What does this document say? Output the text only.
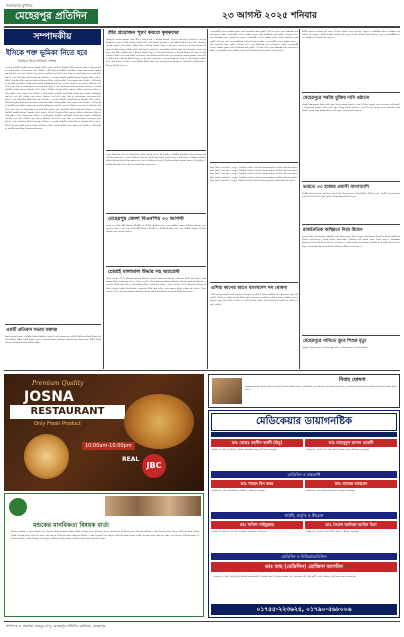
জনগণের মুখপত্র
মেহেরপুর প্রতিদিন	২৩ আগস্ট ২০২৫ শনিবার
সম্পাদকীয়
ইসিকে শক্ত ভূমিকা নিতে হবে
নির্বাচন নিয়ে সাধারণ সংশয়
এদেশের নির্বাচনী ব্যবস্থায় অনেক পরিবর্তন আনা হয়েছে। সাধারণ মানুষের আস্থা ফেরাতে নির্বাচন কমিশনকে আরও কঠোর ভূমিকা পালন করতে হবে। প্রশাসন ও আইনশৃঙ্খলা বাহিনীর নিরপেক্ষতা নিশ্চিত করা জরুরি। ভোটারদের নিরাপত্তা এবং স্বচ্ছ প্রক্রিয়া ছাড়া কোনো নির্বাচনই গ্রহণযোগ্য হতে পারে না। রাজনৈতিক দলগুলোর মধ্যে সংলাপ এবং পারস্পরিক আস্থা তৈরি করা প্রয়োজন। এদেশের নির্বাচনী ব্যবস্থায় অনেক পরিবর্তন আনা হয়েছে। সাধারণ মানুষের আস্থা ফেরাতে নির্বাচন কমিশনকে আরও কঠোর ভূমিকা পালন করতে হবে। প্রশাসন ও আইনশৃঙ্খলা বাহিনীর নিরপেক্ষতা নিশ্চিত করা জরুরি। ভোটারদের নিরাপত্তা এবং স্বচ্ছ প্রক্রিয়া ছাড়া কোনো নির্বাচনই গ্রহণযোগ্য হতে পারে না। রাজনৈতিক দলগুলোর মধ্যে সংলাপ এবং পারস্পরিক আস্থা তৈরি করা প্রয়োজন। এদেশের নির্বাচনী ব্যবস্থায় অনেক পরিবর্তন আনা হয়েছে। সাধারণ মানুষের আস্থা ফেরাতে নির্বাচন কমিশনকে আরও কঠোর ভূমিকা পালন করতে হবে। প্রশাসন ও আইনশৃঙ্খলা বাহিনীর নিরপেক্ষতা নিশ্চিত করা জরুরি। ভোটারদের নিরাপত্তা এবং স্বচ্ছ প্রক্রিয়া ছাড়া কোনো নির্বাচনই গ্রহণযোগ্য হতে পারে না। রাজনৈতিক দলগুলোর মধ্যে সংলাপ এবং পারস্পরিক আস্থা তৈরি করা প্রয়োজন। এদেশের নির্বাচনী ব্যবস্থায় অনেক পরিবর্তন আনা হয়েছে। সাধারণ মানুষের আস্থা ফেরাতে নির্বাচন কমিশনকে আরও কঠোর ভূমিকা পালন করতে হবে। প্রশাসন ও আইনশৃঙ্খলা বাহিনীর নিরপেক্ষতা নিশ্চিত করা জরুরি। ভোটারদের নিরাপত্তা এবং স্বচ্ছ প্রক্রিয়া ছাড়া কোনো নির্বাচনই গ্রহণযোগ্য হতে পারে না। রাজনৈতিক দলগুলোর মধ্যে সংলাপ এবং পারস্পরিক আস্থা তৈরি করা প্রয়োজন। এদেশের নির্বাচনী ব্যবস্থায় অনেক পরিবর্তন আনা হয়েছে। সাধারণ মানুষের আস্থা ফেরাতে নির্বাচন কমিশনকে আরও কঠোর ভূমিকা পালন করতে হবে। প্রশাসন ও আইনশৃঙ্খলা বাহিনীর নিরপেক্ষতা নিশ্চিত করা জরুরি। ভোটারদের নিরাপত্তা এবং স্বচ্ছ প্রক্রিয়া ছাড়া কোনো নির্বাচনই গ্রহণযোগ্য হতে পারে না। রাজনৈতিক দলগুলোর মধ্যে সংলাপ এবং পারস্পরিক আস্থা তৈরি করা প্রয়োজন। এদেশের নির্বাচনী ব্যবস্থায় অনেক পরিবর্তন আনা হয়েছে। সাধারণ মানুষের আস্থা ফেরাতে নির্বাচন কমিশনকে আরও কঠোর ভূমিকা পালন করতে হবে। প্রশাসন ও আইনশৃঙ্খলা বাহিনীর নিরপেক্ষতা নিশ্চিত করা জরুরি।
একটি প্রতিবাদ সভায় বক্তারা
সভায় বক্তারা বলেন, এলাকার উন্নয়নে সবাইকে একসাথে কাজ করতে হবে। স্থানীয় প্রশাসনের সহযোগিতায় সমস্যার সমাধান সম্ভব। সভায় বক্তারা বলেন, এলাকার উন্নয়নে সবাইকে একসাথে কাজ করতে হবে। স্থানীয় প্রশাসনের সহযোগিতায় সমস্যার সমাধান সম্ভব।
তীর প্রয়োজন পূরণ করতে কৃষকদের
মেহেরপুর জেলার কৃষকরা এবার আমন মৌসুমে সার ও বীজের সংকটে পড়েছেন। অনেকেই জানিয়েছেন বাজারে সারের দাম বেড়ে যাওয়ায় চাষাবাদে সমস্যা হচ্ছে। কৃষি বিভাগ জানিয়েছে, দ্রুত সমস্যার সমাধান করা হবে। মেহেরপুর জেলার কৃষকরা এবার আমন মৌসুমে সার ও বীজের সংকটে পড়েছেন। অনেকেই জানিয়েছেন বাজারে সারের দাম বেড়ে যাওয়ায় চাষাবাদে সমস্যা হচ্ছে। কৃষি বিভাগ জানিয়েছে, দ্রুত সমস্যার সমাধান করা হবে। মেহেরপুর জেলার কৃষকরা এবার আমন মৌসুমে সার ও বীজের সংকটে পড়েছেন। অনেকেই জানিয়েছেন বাজারে সারের দাম বেড়ে যাওয়ায় চাষাবাদে সমস্যা হচ্ছে। কৃষি বিভাগ জানিয়েছে, দ্রুত সমস্যার সমাধান করা হবে। মেহেরপুর জেলার কৃষকরা এবার আমন মৌসুমে সার ও বীজের সংকটে পড়েছেন। অনেকেই জানিয়েছেন বাজারে সারের দাম বেড়ে যাওয়ায় চাষাবাদে সমস্যা হচ্ছে। কৃষি বিভাগ জানিয়েছে, দ্রুত সমস্যার সমাধান করা হবে। মেহেরপুর জেলার কৃষকরা এবার আমন মৌসুমে সার ও বীজের সংকটে পড়েছেন।
জেলা প্রশাসনের উদ্যোগে আয়োজিত সভায় বক্তারা বলেন, আইনশৃঙ্খলা পরিস্থিতি স্বাভাবিক রাখতে সবাইকে সহযোগিতা করতে হবে। জেলা প্রশাসনের উদ্যোগে আয়োজিত সভায় বক্তারা বলেন, আইনশৃঙ্খলা পরিস্থিতি স্বাভাবিক রাখতে সবাইকে সহযোগিতা করতে হবে। জেলা প্রশাসনের উদ্যোগে আয়োজিত সভায় বক্তারা বলেন, আইনশৃঙ্খলা পরিস্থিতি স্বাভাবিক রাখতে সবাইকে সহযোগিতা করতে হবে।
মেহেরপুর জেলা বিএনপির ৩০ আগস্ট
জেলা বিএনপির কর্মী সমাবেশ আগামী ৩০ আগস্ট অনুষ্ঠিত হবে। এতে কেন্দ্রীয় নেতৃবৃন্দ উপস্থিত থাকবেন বলে জানানো হয়েছে। জেলা বিএনপির কর্মী সমাবেশ আগামী ৩০ আগস্ট অনুষ্ঠিত হবে। এতে কেন্দ্রীয় নেতৃবৃন্দ উপস্থিত থাকবেন বলে জানানো হয়েছে।
চোরাই মালামাল উদ্ধার সহ অ্যারেস্ট
পুলিশ জানায়, গোপন সংবাদের ভিত্তিতে অভিযান চালিয়ে চোরাই মালামালসহ একজনকে আটক করা হয়েছে। তার বিরুদ্ধে মামলা দায়ের করা হয়েছে। পুলিশ জানায়, গোপন সংবাদের ভিত্তিতে অভিযান চালিয়ে চোরাই মালামালসহ একজনকে আটক করা হয়েছে। তার বিরুদ্ধে মামলা দায়ের করা হয়েছে। পুলিশ জানায়, গোপন সংবাদের ভিত্তিতে অভিযান চালিয়ে চোরাই মালামালসহ একজনকে আটক করা হয়েছে। তার বিরুদ্ধে মামলা দায়ের করা হয়েছে। পুলিশ জানায়, গোপন সংবাদের ভিত্তিতে অভিযান চালিয়ে চোরাই মালামালসহ একজনকে আটক করা হয়েছে।
এলাকাবাসী জানান, রাস্তার বেহাল দশায় যাতায়াতে চরম দুর্ভোগ পোহাতে হচ্ছে। দ্রুত সংস্কারের দাবি জানিয়েছেন তারা। এলাকাবাসী জানান, রাস্তার বেহাল দশায় যাতায়াতে চরম দুর্ভোগ পোহাতে হচ্ছে। দ্রুত সংস্কারের দাবি জানিয়েছেন তারা। এলাকাবাসী জানান, রাস্তার বেহাল দশায় যাতায়াতে চরম দুর্ভোগ পোহাতে হচ্ছে। দ্রুত সংস্কারের দাবি জানিয়েছেন তারা। এলাকাবাসী জানান, রাস্তার বেহাল দশায় যাতায়াতে চরম দুর্ভোগ পোহাতে হচ্ছে। দ্রুত সংস্কারের দাবি জানিয়েছেন তারা। এলাকাবাসী জানান, রাস্তার বেহাল দশায় যাতায়াতে চরম দুর্ভোগ পোহাতে হচ্ছে। দ্রুত সংস্কারের দাবি জানিয়েছেন তারা। এলাকাবাসী জানান, রাস্তার বেহাল দশায় যাতায়াতে চরম দুর্ভোগ পোহাতে হচ্ছে।
স্বাস্থ্য বিভাগ জানিয়েছে, ডেঙ্গু পরিস্থিতি নিয়ন্ত্রণে রাখতে সচেতনতামূলক কার্যক্রম অব্যাহত রয়েছে। স্বাস্থ্য বিভাগ জানিয়েছে, ডেঙ্গু পরিস্থিতি নিয়ন্ত্রণে রাখতে সচেতনতামূলক কার্যক্রম অব্যাহত রয়েছে। স্বাস্থ্য বিভাগ জানিয়েছে, ডেঙ্গু পরিস্থিতি নিয়ন্ত্রণে রাখতে সচেতনতামূলক কার্যক্রম অব্যাহত রয়েছে। স্বাস্থ্য বিভাগ জানিয়েছে, ডেঙ্গু পরিস্থিতি নিয়ন্ত্রণে রাখতে সচেতনতামূলক কার্যক্রম অব্যাহত রয়েছে। স্বাস্থ্য বিভাগ জানিয়েছে, ডেঙ্গু পরিস্থিতি নিয়ন্ত্রণে রাখতে সচেতনতামূলক কার্যক্রম অব্যাহত রয়েছে।
এশিয়া কাপের আগে বাংলাদেশ দল ঘোষণা
এশিয়া কাপকে সামনে রেখে বাংলাদেশ ক্রিকেট দল ঘোষণা করেছে বিসিবি। দলে কয়েকজন নতুন মুখ জায়গা পেয়েছেন। এশিয়া কাপকে সামনে রেখে বাংলাদেশ ক্রিকেট দল ঘোষণা করেছে বিসিবি। দলে কয়েকজন নতুন মুখ জায়গা পেয়েছেন। এশিয়া কাপকে সামনে রেখে বাংলাদেশ ক্রিকেট দল ঘোষণা করেছে বিসিবি।
স্থানীয় বাজারে সবজির দাম বেড়ে যাওয়ায় সাধারণ মানুষ বিপাকে পড়েছেন। ব্যবসায়ীরা বলছেন সরবরাহ কম থাকায় দাম বেড়েছে। স্থানীয় বাজারে সবজির দাম বেড়ে যাওয়ায় সাধারণ মানুষ বিপাকে পড়েছেন। ব্যবসায়ীরা বলছেন সরবরাহ কম থাকায় দাম বেড়েছে।
মেহেরপুরে সবজি মুক্তির দাবি ওঠানো
মেহেরপুরের কৃষকরা সবজি চাষে নতুন পদ্ধতি ব্যবহার করছেন। এতে উৎপাদন বেড়েছে বলে জানিয়েছে কৃষি বিভাগ। মেহেরপুরের কৃষকরা সবজি চাষে নতুন পদ্ধতি ব্যবহার করছেন। এতে উৎপাদন বেড়েছে বলে জানিয়েছে কৃষি বিভাগ। মেহেরপুরের কৃষকরা সবজি চাষে নতুন পদ্ধতি ব্যবহার করছেন।
ভারতে ৩৩ হাজার প্রবাসী বাংলাদেশি
প্রবাসী বাংলাদেশিদের নিরাপত্তা নিয়ে উদ্বেগ প্রকাশ করেছে মানবাধিকার সংগঠনগুলো। প্রবাসী বাংলাদেশিদের নিরাপত্তা নিয়ে উদ্বেগ প্রকাশ করেছে মানবাধিকার সংগঠনগুলো।
রাজনৈতিক অস্থিরতা নিয়ে উদ্বেগ
দেশের চলমান রাজনৈতিক পরিস্থিতি নিয়ে বিভিন্ন মহলে উদ্বেগ বাড়ছে। বিশেষজ্ঞরা সংলাপের মাধ্যমে সমাধানের আহ্বান জানিয়েছেন। দেশের চলমান রাজনৈতিক পরিস্থিতি নিয়ে বিভিন্ন মহলে উদ্বেগ বাড়ছে। বিশেষজ্ঞরা সংলাপের মাধ্যমে সমাধানের আহ্বান জানিয়েছেন। দেশের চলমান রাজনৈতিক পরিস্থিতি নিয়ে বিভিন্ন মহলে উদ্বেগ বাড়ছে। বিশেষজ্ঞরা সংলাপের মাধ্যমে সমাধানের আহ্বান জানিয়েছেন।
মেহেরপুরে পানিতে ডুবে শিশুর মৃত্যু
পুকুরের পানিতে ডুবে এক শিশুর মৃত্যু হয়েছে। পরিবারে চলছে শোকের মাতম।
Premium Quality
JOSNA
RESTAURANT
Only Fresh Product
10:00am-10:00pm
REAL
JBC
মন্ডকের মানবিকতা বিষয়ক বার্তা
সমাজের অসহায় ও দরিদ্র মানুষের পাশে দাঁড়ানো আমাদের সবার নৈতিক দায়িত্ব। মানবিক কাজে অংশগ্রহণ করুন এবং অন্যকে উৎসাহিত করুন। সমাজের অসহায় ও দরিদ্র মানুষের পাশে দাঁড়ানো আমাদের সবার নৈতিক দায়িত্ব। মানবিক কাজে অংশগ্রহণ করুন এবং অন্যকে উৎসাহিত করুন। সমাজের অসহায় ও দরিদ্র মানুষের পাশে দাঁড়ানো আমাদের সবার নৈতিক দায়িত্ব। মানবিক কাজে অংশগ্রহণ করুন এবং অন্যকে উৎসাহিত করুন। সমাজের অসহায় ও দরিদ্র মানুষের পাশে দাঁড়ানো আমাদের সবার নৈতিক দায়িত্ব। মানবিক কাজে অংশগ্রহণ করুন।
বিবাহ ঘোষণা
মেহেরপুর শহরের বিশিষ্ট ব্যক্তির কন্যার সাথে বিবাহ সম্পন্ন হয়েছে। নবদম্পতির জন্য সকলের দোয়া কামনা করা হয়েছে। মেহেরপুর শহরের বিশিষ্ট ব্যক্তির কন্যার সাথে বিবাহ সম্পন্ন হয়েছে।
মেডিকেয়ার ডায়াগনষ্টিক
ডাঃ মোহাঃ মহসীন আলী (হিমু)	ডাঃ মাহাবুবুল হাসান মেহেদী
এমবিবিএস, বিসিএস (স্বাস্থ্য), মেডিসিন বিশেষজ্ঞ, সদর হাসপাতাল মেহেরপুর।	এমবিবিএস, এফসিপিএস, শিশু রোগ বিশেষজ্ঞ, সদর হাসপাতাল মেহেরপুর।
মেডিসিন ও বক্ষব্যাধি
ডাঃ শাহেদ বিন কমর	ডাঃ তারেক আহমেদ
এমবিবিএস, এমডি (মেডিসিন), মেডিসিন ও বক্ষব্যাধি বিশেষজ্ঞ।	এমবিবিএস, এমডি (নিউরোমেডিসিন), স্নায়ুরোগ বিশেষজ্ঞ।
গাইনী, প্রসূতি ও স্ত্রীরোগ
ডাঃ খালিদ সাইফুল্লাহ	ডাঃ সৈয়দা আনিকা আমিন মিমা
এমবিবিএস, বিসিএস, মেডিসিন বিশেষজ্ঞ, জেনারেল হাসপাতাল।	এমবিবিএস, এফসিপিএস (গাইনী), প্রসূতি ও স্ত্রীরোগ বিশেষজ্ঞ।
মেডিসিন ও নিউরোমেডিসিন
ডাঃ তাহ (মেডিসিন) রোজিনা আসমিন
এমবিবিএস, এমডি (মেডিসিন), সিনিয়র কনসালটেন্ট, মেডিসিন বিভাগ। প্রতিদিন বিকাল ৩টা থেকে রাত ৯টা পর্যন্ত রোগী দেখেন। ঠিকানা: হাসপাতাল রোড, মেহেরপুর।
০১৭৫৫-২২৩৬২৪, ০১৭৯০-৫৬৮০০৬
সম্পাদক ও প্রকাশক: মাহবুব চান্দু, মেহেরপুর প্রতিদিন কার্যালয়, মেহেরপুর
